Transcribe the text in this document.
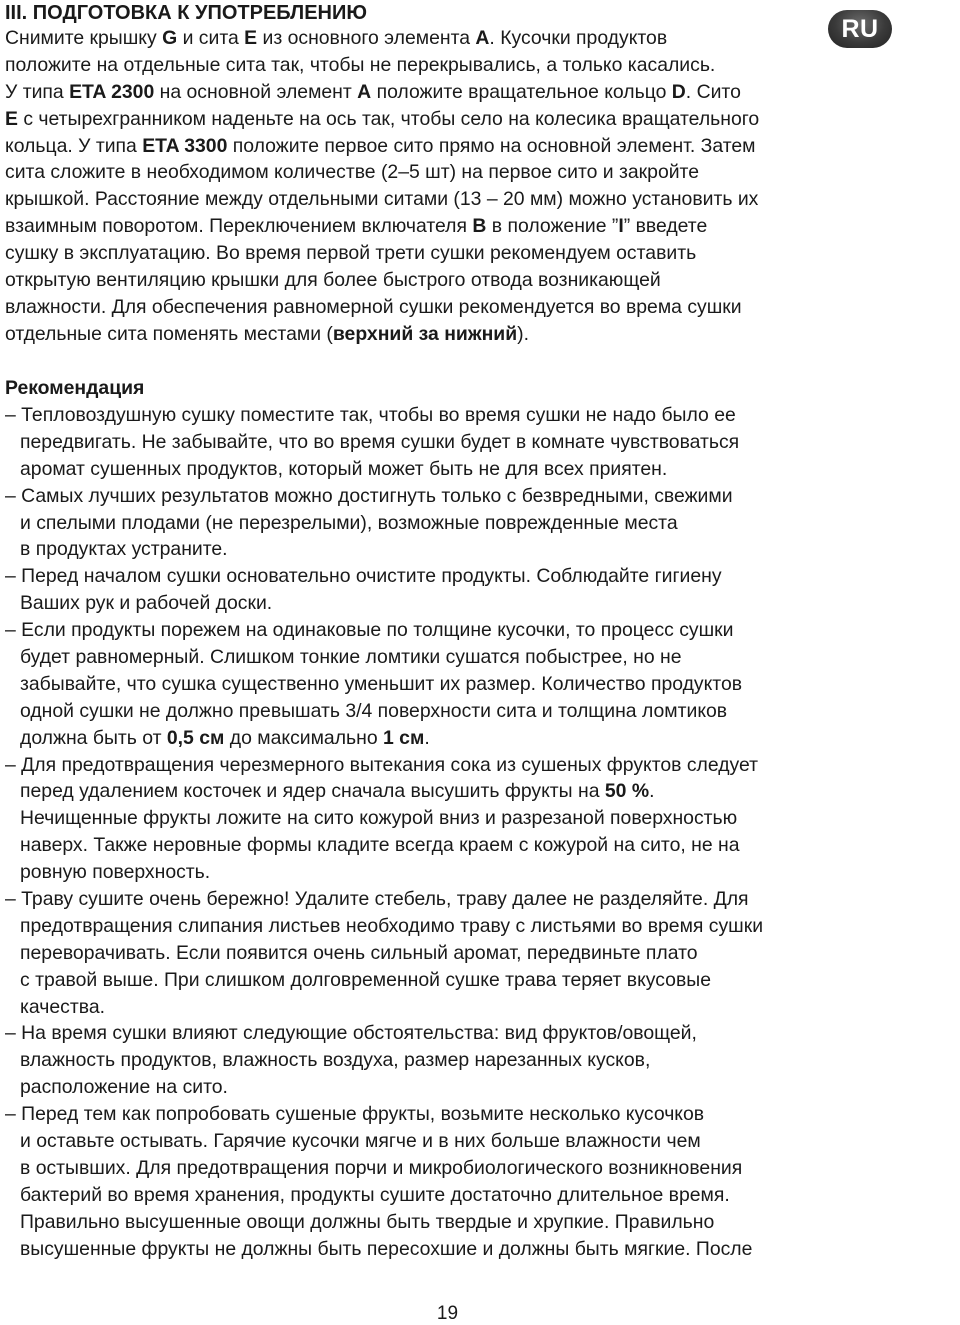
III. ПОДГОТОВКА К УПОТРЕБЛЕНИЮ
Снимите крышку G и сита E из основного элемента A. Кусочки продуктов
положите на отдельные сита так, чтобы не перекрывались, а только касались.
У типа ETA 2300 на основной элемент A положите вращательное кольцо D. Сито
E с четырехгранником наденьте на ось так, чтобы село на колесика вращательного
кольца. У типа ETA 3300 положите первое сито прямо на основной элемент. Затем
сита сложите в необходимом количестве (2–5 шт) на первое сито и закройте
крышкой. Расстояние между отдельными ситами (13 – 20 мм) можно установить их
взаимным поворотом. Переключением включателя B в положение ”I” введете
сушку в эксплуатацию. Во время первой трети сушки рекомендуем оставить
открытую вентиляцию крышки для более быстрого отвода возникающей
влажности. Для обеспечения равномерной сушки рекомендуется во врема сушки
отдельные сита поменять местами (верхний за нижний).
Рекомендация
– Тепловоздушную сушку поместите так, чтобы во время сушки не надо было ее
передвигать. Не забывайте, что во время сушки будет в комнате чувствоваться
аромат сушенных продуктов, который может быть не для всех приятен.
– Самых лучших результатов можно достигнуть только с безвредными, свежими
и спелыми плодами (не перезрелыми), возможные поврежденные места
в продуктах устраните.
– Перед началом сушки основательно очистите продукты. Соблюдайте гигиену
Ваших рук и рабочей доски.
– Если продукты порежем на одинаковые по толщине кусочки, то процесс сушки
будет равномерный. Слишком тонкие ломтики сушатся побыстрее, но не
забывайте, что сушка существенно уменьшит их размер. Количество продуктов
одной сушки не должно превышать 3/4 поверхности сита и толщина ломтиков
должна быть от 0,5 см до максимально 1 см.
– Для предотвращения черезмерного вытекания сока из сушеных фруктов следует
перед удалением косточек и ядер сначала высушить фрукты на 50 %.
Нечищенные фрукты ложите на сито кожурой вниз и разрезаной поверхностью
наверх. Также неровные формы кладите всегда краем с кожурой на сито, не на
ровную поверхность.
– Траву сушите очень бережно! Удалите стебель, траву далее не разделяйте. Для
предотвращения слипания листьев необходимо траву с листьями во время сушки
переворачивать. Если появится очень сильный аромат, передвиньте плато
с травой выше. При слишком долговременной сушке трава теряет вкусовые
качества.
– На время сушки влияют следующие обстоятельства: вид фруктов/овощей,
влажность продуктов, влажность воздуха, размер нарезанных кусков,
расположение на сито.
– Перед тем как попробовать сушеные фрукты, возьмите несколько кусочков
и оставьте остывать. Гарячие кусочки мягче и в них больше влажности чем
в остывших. Для предотвращения порчи и микробиологического возникновения
бактерий во время хранения, продукты сушите достаточно длительное время.
Правильно высушенные овощи должны быть твердые и хрупкие. Правильно
высушенные фрукты не должны быть пересохшие и должны быть мягкие. После
RU
19
